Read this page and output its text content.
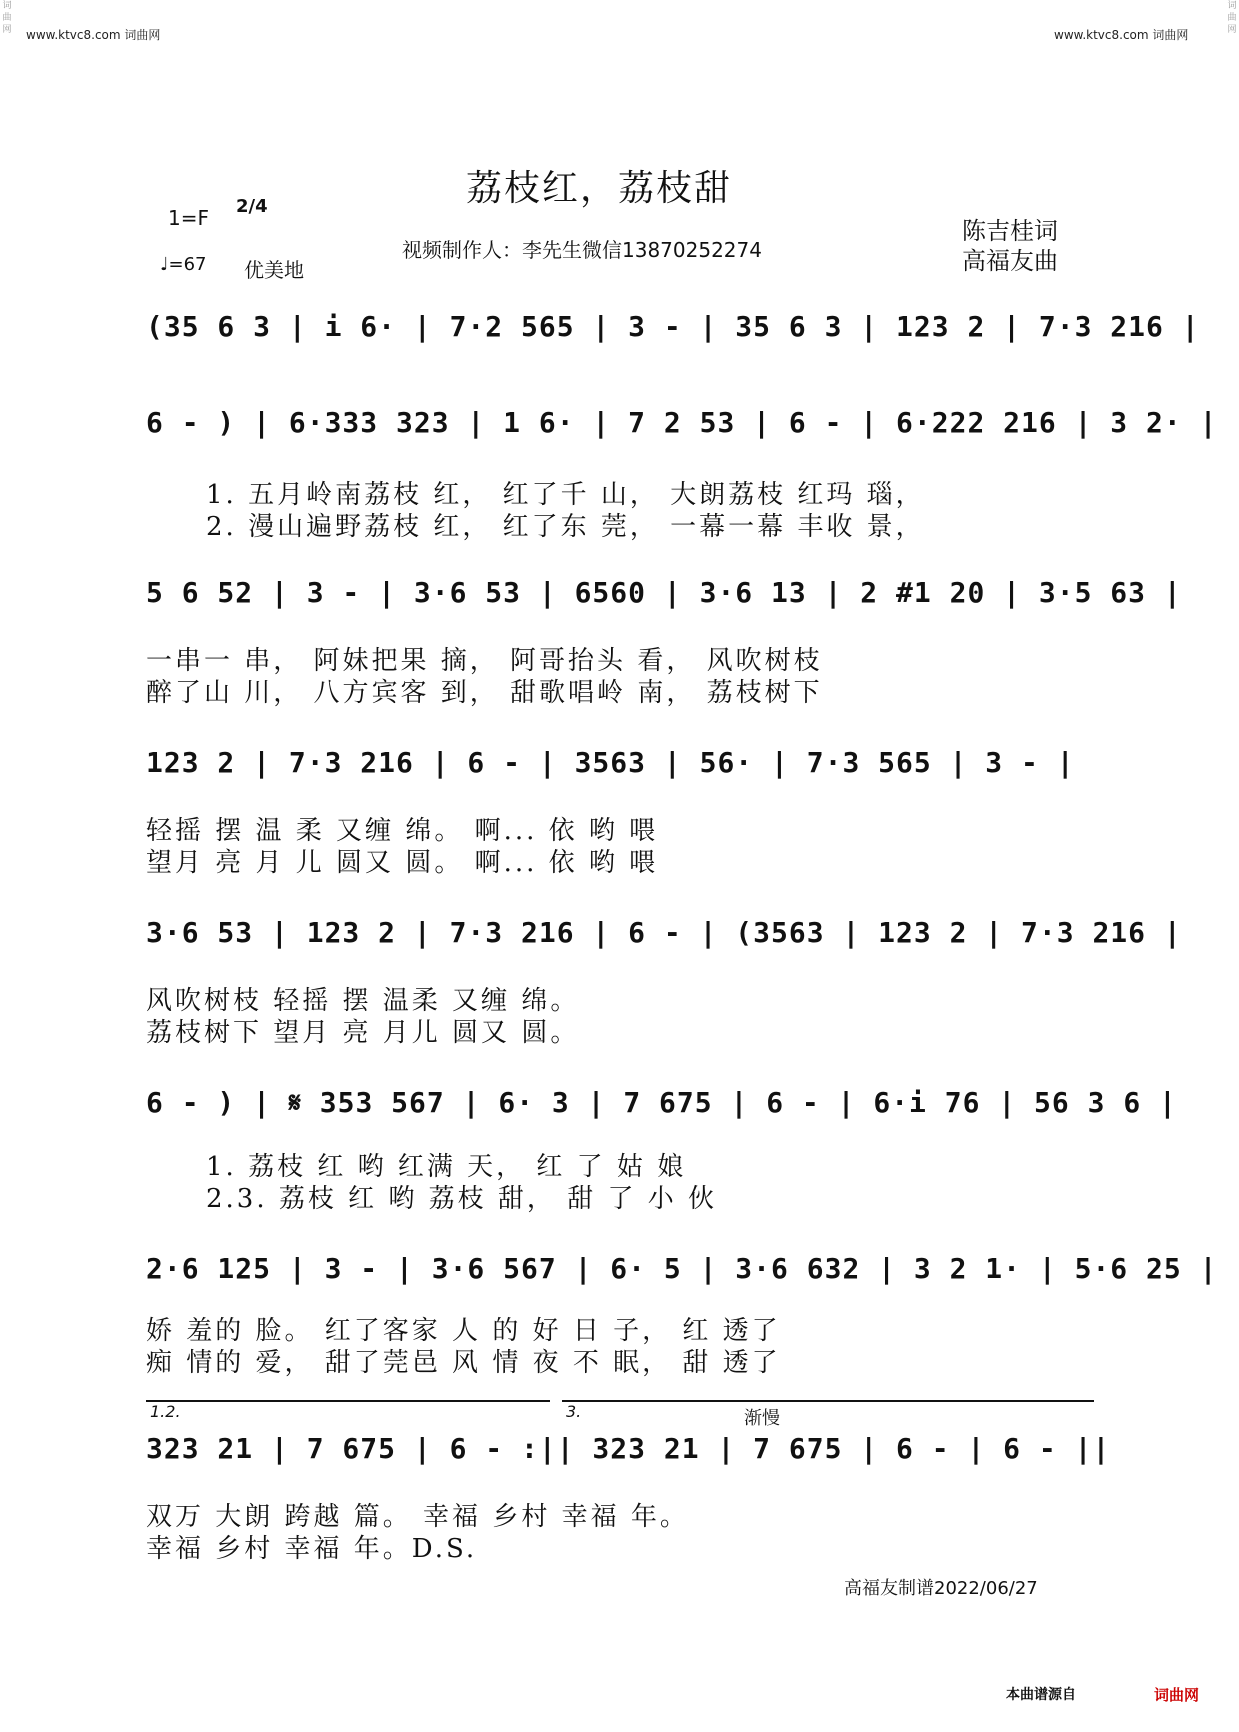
词曲网
词曲网
www.ktvc8.com 词曲网	www.ktvc8.com 词曲网
荔枝红，荔枝甜
1=F 2/4
♩=67 优美地
视频制作人：李先生微信13870252274
陈吉桂词
高福友曲
(35 6 3 | i 6· | 7·2 565 | 3 - | 35 6 3 | 123 2 | 7·3 216 |
6 - ) | 6·333 323 | 1 6· | 7 2 53 | 6 - | 6·222 216 | 3 2· |
1. 五月岭南荔枝 红， 红了千 山， 大朗荔枝 红玛 瑙，
2. 漫山遍野荔枝 红， 红了东 莞， 一幕一幕 丰收 景，
5 6 52 | 3 - | 3·6 53 | 6560 | 3·6 13 | 2 #1 20 | 3·5 63 |
一串一 串， 阿妹把果 摘， 阿哥抬头 看， 风吹树枝
醉了山 川， 八方宾客 到， 甜歌唱岭 南， 荔枝树下
123 2 | 7·3 216 | 6 - | 3563 | 56· | 7·3 565 | 3 - |
轻摇 摆 温 柔 又缠 绵。 啊... 依 哟 喂
望月 亮 月 儿 圆又 圆。 啊... 依 哟 喂
3·6 53 | 123 2 | 7·3 216 | 6 - | (3563 | 123 2 | 7·3 216 |
风吹树枝 轻摇 摆 温柔 又缠 绵。
荔枝树下 望月 亮 月儿 圆又 圆。
6 - ) | 𝄋 353 567 | 6· 3 | 7 675 | 6 - | 6·i 76 | 56 3 6 |
1. 荔枝 红 哟 红满 天， 红 了 姑 娘
2.3. 荔枝 红 哟 荔枝 甜， 甜 了 小 伙
2·6 125 | 3 - | 3·6 567 | 6· 5 | 3·6 632 | 3 2 1· | 5·6 25 |
娇 羞的 脸。 红了客家 人 的 好 日 子， 红 透了
痴 情的 爱， 甜了莞邑 风 情 夜 不 眠， 甜 透了
1.2.	3.	渐慢
323 21 | 7 675 | 6 - :|| 323 21 | 7 675 | 6 - | 6 - ||
双万 大朗 跨越 篇。 幸福 乡村 幸福 年。
幸福 乡村 幸福 年。D.S.
高福友制谱2022/06/27
本曲谱源自	词曲网
